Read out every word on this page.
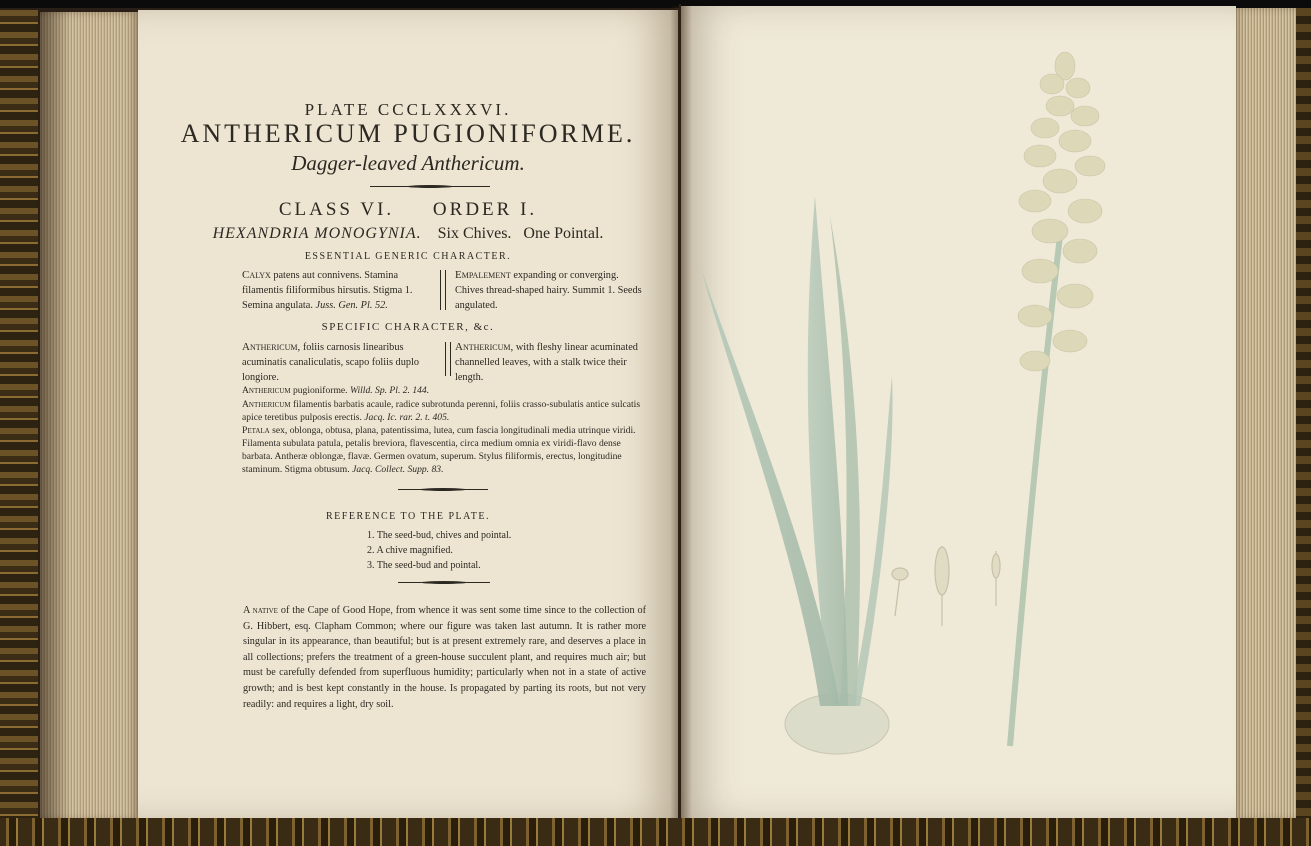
PLATE CCCLXXXVI.
ANTHERICUM PUGIONIFORME.
Dagger-leaved Anthericum.
CLASS VI.     ORDER I.
HEXANDRIA MONOGYNIA. Six Chives.   One Pointal.
ESSENTIAL GENERIC CHARACTER.
Calyx patens aut connivens. Stamina filamentis filiformibus hirsutis. Stigma 1. Semina angulata. Juss. Gen. Pl. 52.
Empalement expanding or converging. Chives thread-shaped hairy. Summit 1. Seeds angulated.
SPECIFIC CHARACTER, &c.
Anthericum, foliis carnosis linearibus acuminatis canaliculatis, scapo foliis duplo longiore.
Anthericum, with fleshy linear acuminated channelled leaves, with a stalk twice their length.
Anthericum pugioniforme. Willd. Sp. Pl. 2. 144.
Anthericum filamentis barbatis acaule, radice subrotunda perenni, foliis crasso-subulatis antice sulcatis apice teretibus pulposis erectis. Jacq. Ic. rar. 2. t. 405.
Petala sex, oblonga, obtusa, plana, patentissima, lutea, cum fascia longitudinali media utrinque viridi. Filamenta subulata patula, petalis breviora, flavescentia, circa medium omnia ex viridi-flavo dense barbata. Antheræ oblongæ, flavæ. Germen ovatum, superum. Stylus filiformis, erectus, longitudine staminum. Stigma obtusum. Jacq. Collect. Supp. 83.
REFERENCE TO THE PLATE.
1. The seed-bud, chives and pointal.
2. A chive magnified.
3. The seed-bud and pointal.
A native of the Cape of Good Hope, from whence it was sent some time since to the collection of G. Hibbert, esq. Clapham Common; where our figure was taken last autumn. It is rather more singular in its appearance, than beautiful; but is at present extremely rare, and deserves a place in all collections; prefers the treatment of a green-house succulent plant, and requires much air; but must be carefully defended from superfluous humidity; particularly when not in a state of active growth; and is best kept constantly in the house. Is propagated by parting its roots, but not very readily: and requires a light, dry soil.
